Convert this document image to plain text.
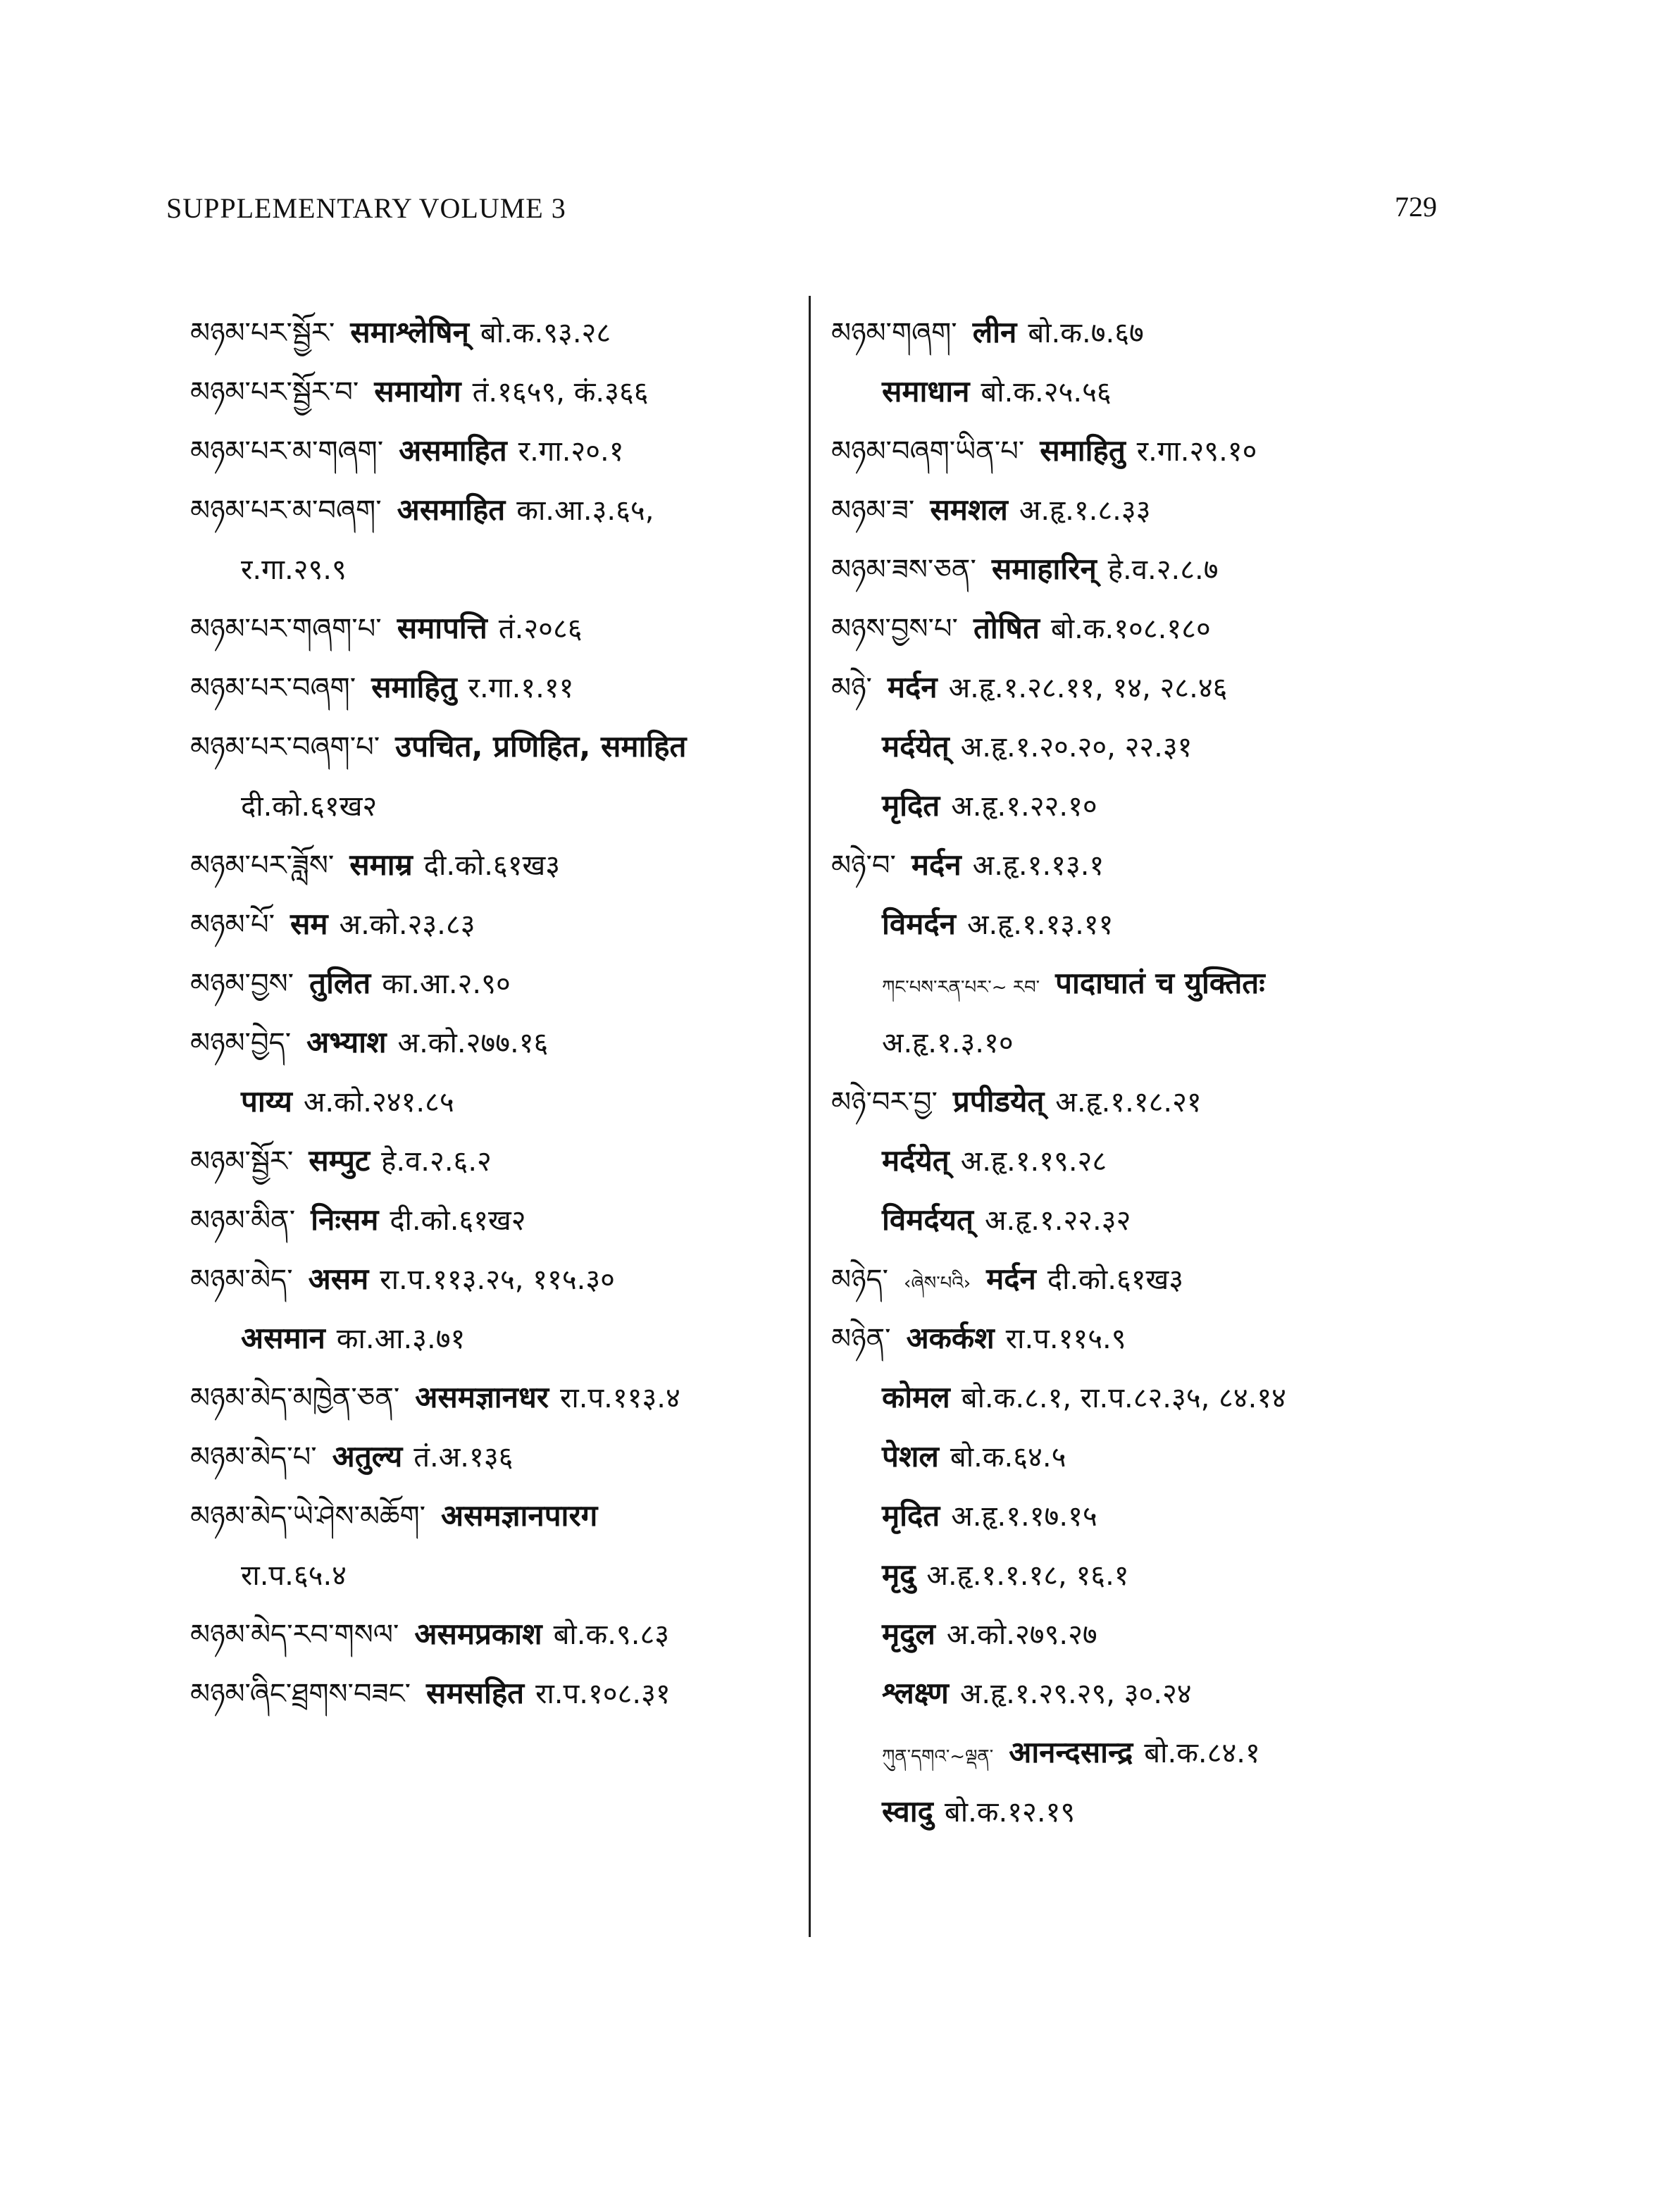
SUPPLEMENTARY VOLUME 3	729
མཉམ་པར་སྦྱོར་ समाश्लेषिन् बो.क.९३.२८
མཉམ་པར་སྦྱོར་བ་ समायोग तं.१६५९, कं.३६६
མཉམ་པར་མ་གཞག་ असमाहित र.गा.२०.१
མཉམ་པར་མ་བཞག་ असमाहित का.आ.३.६५,
र.गा.२९.९
མཉམ་པར་གཞག་པ་ समापत्ति तं.२०८६
མཉམ་པར་བཞག་ समाहितु र.गा.१.११
མཉམ་པར་བཞག་པ་ उपचित, प्रणिहित, समाहित
दी.को.६१ख२
མཉམ་པར་ཟློས་ समाम्र दी.को.६१ख३
མཉམ་པོ་ सम अ.को.२३.८३
མཉམ་བྱས་ तुलित का.आ.२.९०
མཉམ་བྱེད་ अभ्याश अ.को.२७७.१६
पाय्य अ.को.२४१.८५
མཉམ་སྦྱོར་ सम्पुट हे.व.२.६.२
མཉམ་མིན་ निःसम दी.को.६१ख२
མཉམ་མེད་ असम रा.प.११३.२५, ११५.३०
असमान का.आ.३.७१
མཉམ་མེད་མཁྱེན་ཅན་ असमज्ञानधर रा.प.११३.४
མཉམ་མེད་པ་ अतुल्य तं.अ.१३६
མཉམ་མེད་ཡེ་ཤེས་མཆོག་ असमज्ञानपारग
रा.प.६५.४
མཉམ་མེད་རབ་གསལ་ असमप्रकाश बो.क.९.८३
མཉམ་ཞིང་ཐྲགས་བཟང་ समसहित रा.प.१०८.३१
མཉམ་གཞག་ लीन बो.क.७.६७
समाधान बो.क.२५.५६
མཉམ་བཞག་ཡིན་པ་ समाहितु र.गा.२९.१०
མཉམ་ཟ་ समशल अ.हृ.१.८.३३
མཉམ་ཟས་ཅན་ समाहारिन् हे.व.२.८.७
མཉས་བྱས་པ་ तोषित बो.क.१०८.१८०
མཉེ་ मर्दन अ.हृ.१.२८.११, १४, २८.४६
मर्दयेत् अ.हृ.१.२०.२०, २२.३१
मृदित अ.हृ.१.२२.१०
མཉེ་བ་ मर्दन अ.हृ.१.१३.१
विमर्दन अ.हृ.१.१३.११
ཀང་པས་རན་པར་~ རབ་ पादाघातं च युक्तितः
अ.हृ.१.३.१०
མཉེ་བར་བྱ་ प्रपीडयेत् अ.हृ.१.१८.२१
मर्दयेत् अ.हृ.१.१९.२८
विमर्दयत् अ.हृ.१.२२.३२
མཉེད་ ‹ཞེས་པའི› मर्दन दी.को.६१ख३
མཉེན་ अकर्कश रा.प.११५.९
कोमल बो.क.८.१, रा.प.८२.३५, ८४.१४
पेशल बो.क.६४.५
मृदित अ.हृ.१.१७.१५
मृदु अ.हृ.१.१.१८, १६.१
मृदुल अ.को.२७९.२७
श्लक्ष्ण अ.हृ.१.२९.२९, ३०.२४
ཀུན་དགའ་~ལྡན་ आनन्दसान्द्र बो.क.८४.१
स्वादु बो.क.१२.१९
